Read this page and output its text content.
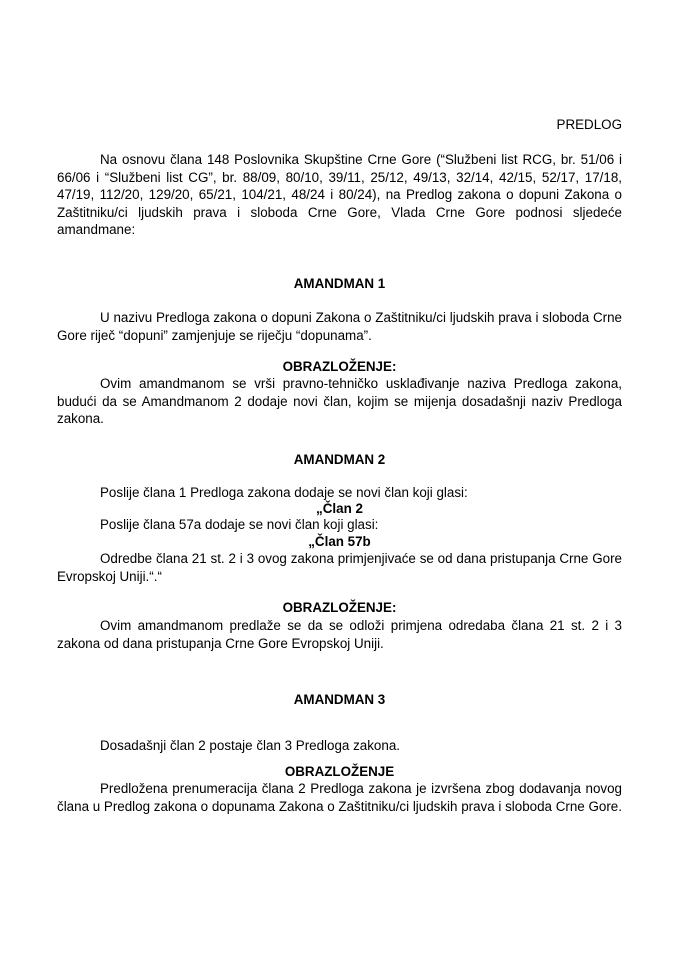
PREDLOG

Na osnovu člana 148 Poslovnika Skupštine Crne Gore (“Službeni list RCG, br. 51/06 i 66/06 i “Službeni list CG”, br. 88/09, 80/10, 39/11, 25/12, 49/13, 32/14, 42/15, 52/17, 17/18, 47/19, 112/20, 129/20, 65/21, 104/21, 48/24 i 80/24), na Predlog zakona o dopuni Zakona o Zaštitniku/ci ljudskih prava i sloboda Crne Gore, Vlada Crne Gore podnosi sljedeće amandmane:

AMANDMAN 1

U nazivu Predloga zakona o dopuni Zakona o Zaštitniku/ci ljudskih prava i sloboda Crne Gore riječ “dopuni” zamjenjuje se riječju “dopunama”.

OBRAZLOŽENJE:

Ovim amandmanom se vrši pravno-tehničko usklađivanje naziva Predloga zakona, budući da se Amandmanom 2 dodaje novi član, kojim se mijenja dosadašnji naziv Predloga zakona.

AMANDMAN 2

Poslije člana 1 Predloga zakona dodaje se novi član koji glasi:

„Član 2

Poslije člana 57a dodaje se novi član koji glasi:

„Član 57b

Odredbe člana 21 st. 2 i 3 ovog zakona primjenjivaće se od dana pristupanja Crne Gore Evropskoj Uniji.“.“

OBRAZLOŽENJE:

Ovim amandmanom predlaže se da se odloži primjena odredaba člana 21 st. 2 i 3 zakona od dana pristupanja Crne Gore Evropskoj Uniji.

AMANDMAN 3

Dosadašnji član 2 postaje član 3 Predloga zakona.

OBRAZLOŽENJE

Predložena prenumeracija člana 2 Predloga zakona je izvršena zbog dodavanja novog člana u Predlog zakona o dopunama Zakona o Zaštitniku/ci ljudskih prava i sloboda Crne Gore.
